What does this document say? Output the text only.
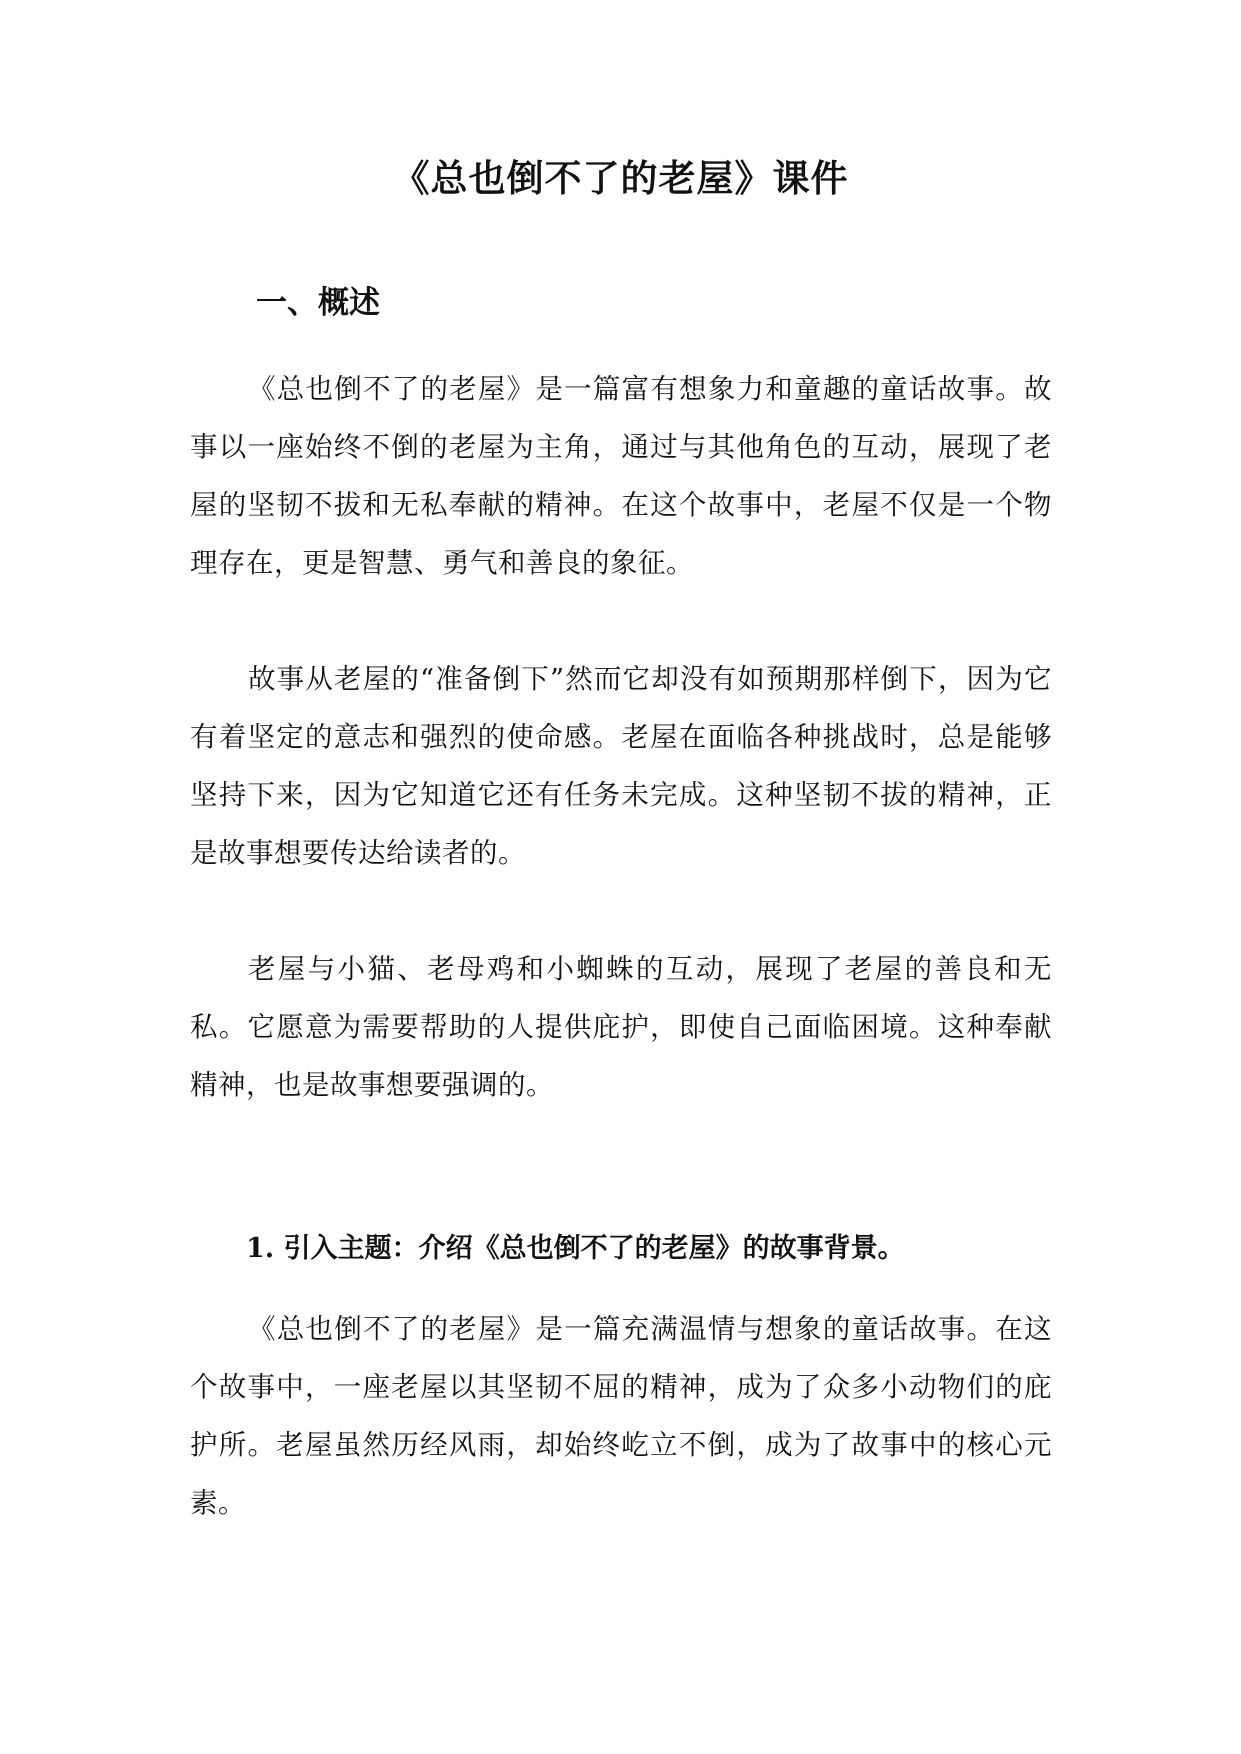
《总也倒不了的老屋》课件
一、概述

《总也倒不了的老屋》是一篇富有想象力和童趣的童话故事。故事以一座始终不倒的老屋为主角，通过与其他角色的互动，展现了老屋的坚韧不拔和无私奉献的精神。在这个故事中，老屋不仅是一个物理存在，更是智慧、勇气和善良的象征。

故事从老屋的“准备倒下”然而它却没有如预期那样倒下，因为它有着坚定的意志和强烈的使命感。老屋在面临各种挑战时，总是能够坚持下来，因为它知道它还有任务未完成。这种坚韧不拔的精神，正是故事想要传达给读者的。

老屋与小猫、老母鸡和小蜘蛛的互动，展现了老屋的善良和无私。它愿意为需要帮助的人提供庇护，即使自己面临困境。这种奉献精神，也是故事想要强调的。

1. 引入主题：介绍《总也倒不了的老屋》的故事背景。

《总也倒不了的老屋》是一篇充满温情与想象的童话故事。在这个故事中，一座老屋以其坚韧不屈的精神，成为了众多小动物们的庇护所。老屋虽然历经风雨，却始终屹立不倒，成为了故事中的核心元素。
